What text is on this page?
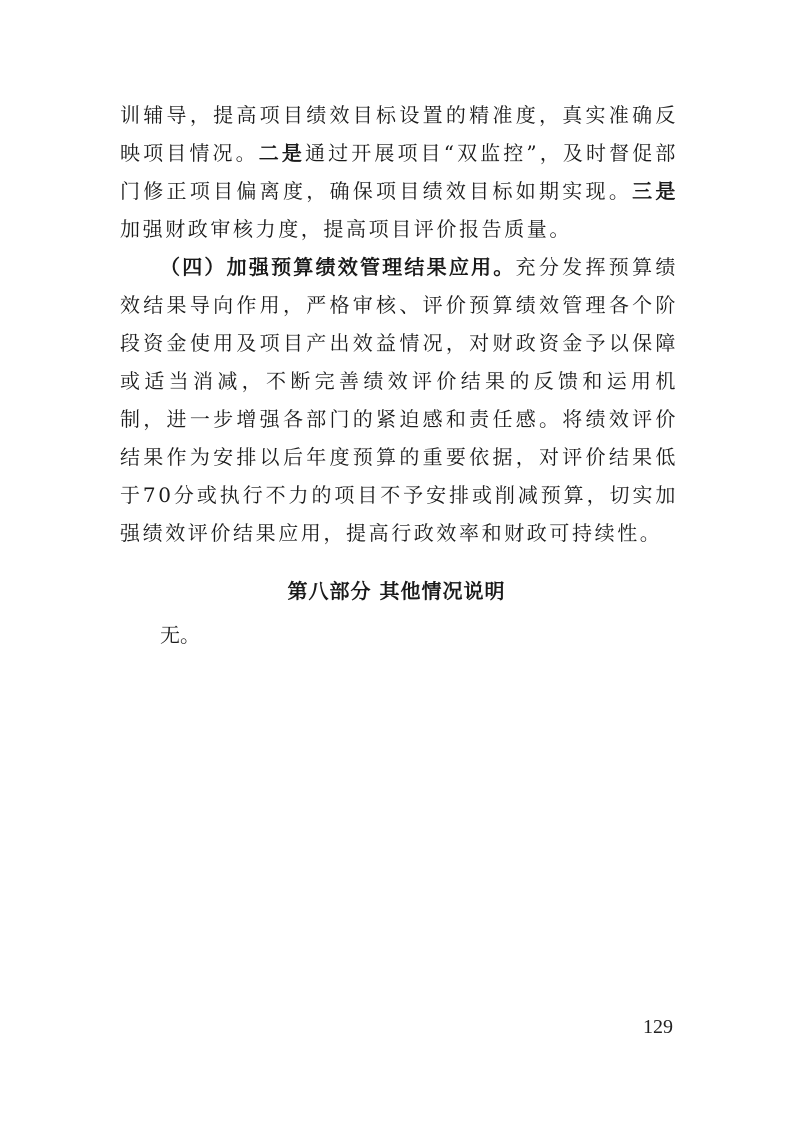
训辅导，提高项目绩效目标设置的精准度，真实准确反映项目情况。二是通过开展项目“双监控”，及时督促部门修正项目偏离度，确保项目绩效目标如期实现。三是加强财政审核力度，提高项目评价报告质量。

（四）加强预算绩效管理结果应用。充分发挥预算绩效结果导向作用，严格审核、评价预算绩效管理各个阶段资金使用及项目产出效益情况，对财政资金予以保障或适当消减，不断完善绩效评价结果的反馈和运用机制，进一步增强各部门的紧迫感和责任感。将绩效评价结果作为安排以后年度预算的重要依据，对评价结果低于70分或执行不力的项目不予安排或削减预算，切实加强绩效评价结果应用，提高行政效率和财政可持续性。

第八部分 其他情况说明

无。

129
